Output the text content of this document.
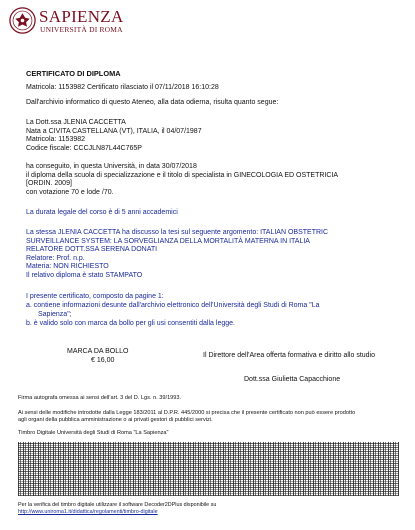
SAPIENZA
UNIVERSITÀ DI ROMA
CERTIFICATO DI DIPLOMA
Matricola: 1153982 Certificato rilasciato il 07/11/2018 16:10:28
Dall'archivio informatico di questo Ateneo, alla data odierna, risulta quanto segue:
La Dott.ssa JLENIA CACCETTA
Nata a CIVITA CASTELLANA (VT), ITALIA, il 04/07/1987
Matricola: 1153982
Codice fiscale: CCCJLN87L44C765P
ha conseguito, in questa Università, in data 30/07/2018
il diploma della scuola di specializzazione e il titolo di specialista in GINECOLOGIA ED OSTETRICIA
[ORDIN. 2009]
con votazione 70 e lode /70.
La durata legale del corso è di 5 anni accademici
La stessa JLENIA CACCETTA ha discusso la tesi sul seguente argomento: ITALIAN OBSTETRIC
SURVEILLANCE SYSTEM: LA SORVEGLIANZA DELLA MORTALITÀ MATERNA IN ITALIA
RELATORE DOTT.SSA SERENA DONATI
Relatore: Prof. n.p.
Materia: NON RICHIESTO
Il relativo diploma è stato STAMPATO
I presente certificato, composto da pagine 1:
a. contiene informazioni desunte dall'archivio elettronico dell'Università degli Studi di Roma "La
Sapienza";
b. è valido solo con marca da bollo per gli usi consentiti dalla legge.
MARCA DA BOLLO
€ 16,00
Il Direttore dell'Area offerta formativa e diritto allo studio
Dott.ssa Giulietta Capacchione
Firma autografa omessa ai sensi dell'art. 3 del D. Lgs. n. 39/1993.
Ai sensi delle modifiche introdotte dalla Legge 183/2011 al D.P.R. 445/2000 si precisa che il presente certificato non può essere prodotto
agli organi della pubblica amministrazione o ai privati gestori di pubblici servizi.
Timbro Digitale Università degli Studi di Roma "La Sapienza"
Per la verifica del timbro digitale utilizzare il software Decoder2DPlus disponibile su
http://www.uniroma1.it/didattica/regolamenti/timbro-digitale
